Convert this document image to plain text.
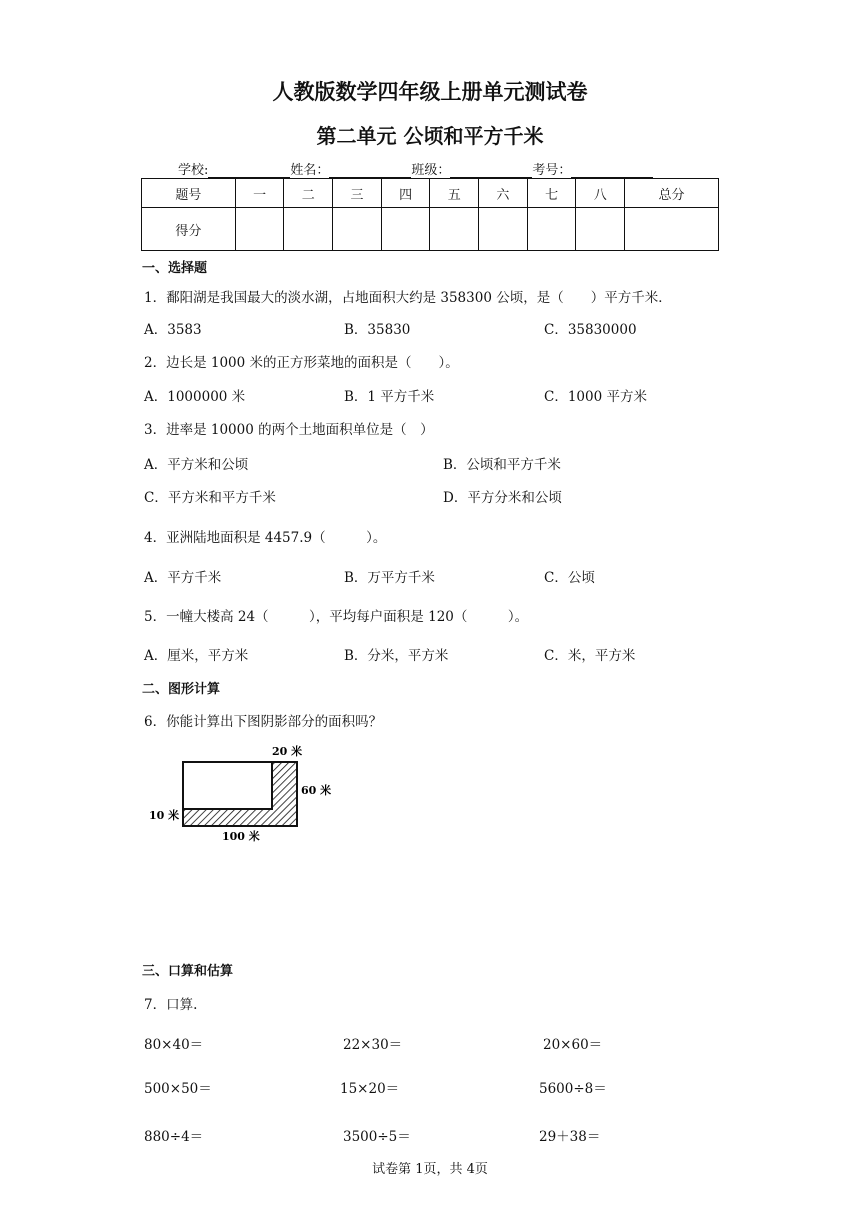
人教版数学四年级上册单元测试卷
第二单元 公顷和平方千米
学校:	姓名：	班级：	考号：
题号	一	二	三	四	五	六	七	八	总分
得分									
一、选择题
1．鄱阳湖是我国最大的淡水湖，占地面积大约是 358300 公顷，是（　　）平方千米．
A．3583	B．35830	C．35830000
2．边长是 1000 米的正方形菜地的面积是（　　）。
A．1000000 米	B．1 平方千米	C．1000 平方米
3．进率是 10000 的两个土地面积单位是（　）
A．平方米和公顷	B．公顷和平方千米
C．平方米和平方千米	D．平方分米和公顷
4．亚洲陆地面积是 4457.9（　　　）。
A．平方千米	B．万平方千米	C．公顷
5．一幢大楼高 24（　　　），平均每户面积是 120（　　　）。
A．厘米，平方米	B．分米，平方米	C．米，平方米
二、图形计算
6．你能计算出下图阴影部分的面积吗？
20 米
60 米
10 米
100 米
三、口算和估算
7．口算.
80×40＝	22×30＝	20×60＝
500×50＝	15×20＝	5600÷8＝
880÷4＝	3500÷5＝	29＋38＝
试卷第 1页，共 4页
